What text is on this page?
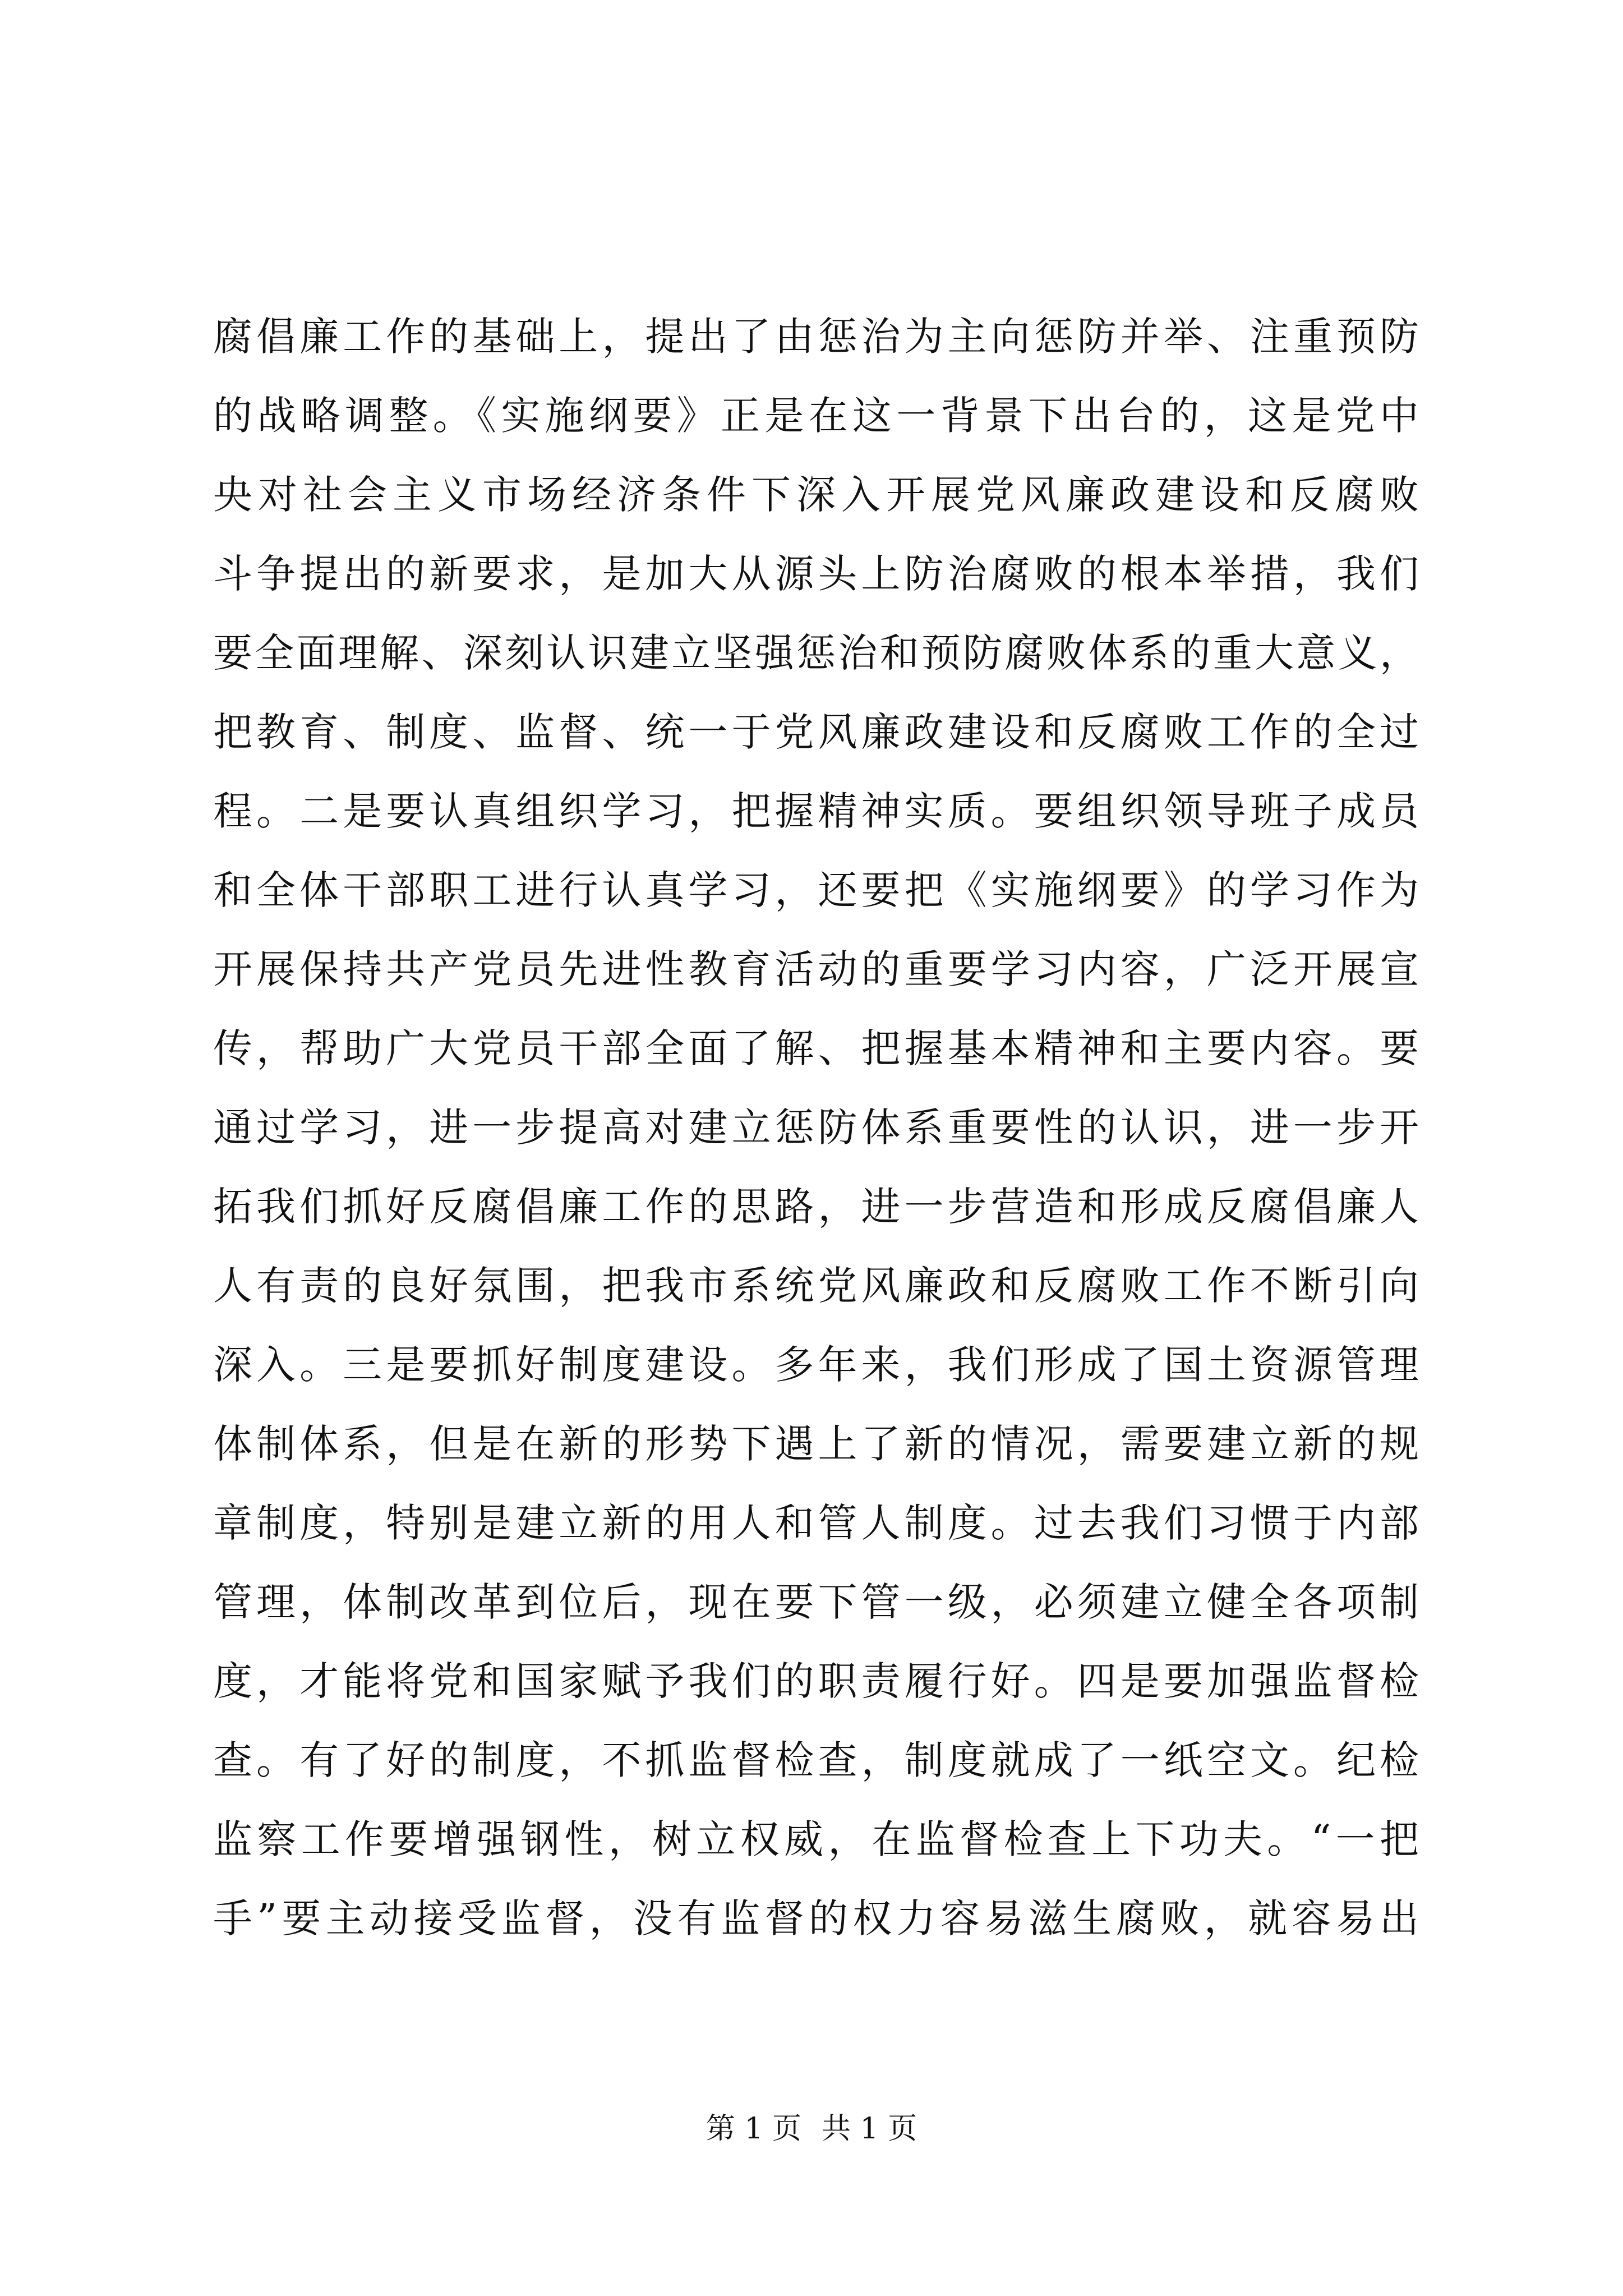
腐倡廉工作的基础上，提出了由惩治为主向惩防并举、注重预防
的战略调整。《实施纲要》正是在这一背景下出台的，这是党中
央对社会主义市场经济条件下深入开展党风廉政建设和反腐败
斗争提出的新要求，是加大从源头上防治腐败的根本举措，我们
要全面理解、深刻认识建立坚强惩治和预防腐败体系的重大意义，
把教育、制度、监督、统一于党风廉政建设和反腐败工作的全过
程。二是要认真组织学习，把握精神实质。要组织领导班子成员
和全体干部职工进行认真学习，还要把《实施纲要》的学习作为
开展保持共产党员先进性教育活动的重要学习内容，广泛开展宣
传，帮助广大党员干部全面了解、把握基本精神和主要内容。要
通过学习，进一步提高对建立惩防体系重要性的认识，进一步开
拓我们抓好反腐倡廉工作的思路，进一步营造和形成反腐倡廉人
人有责的良好氛围，把我市系统党风廉政和反腐败工作不断引向
深入。三是要抓好制度建设。多年来，我们形成了国土资源管理
体制体系，但是在新的形势下遇上了新的情况，需要建立新的规
章制度，特别是建立新的用人和管人制度。过去我们习惯于内部
管理，体制改革到位后，现在要下管一级，必须建立健全各项制
度，才能将党和国家赋予我们的职责履行好。四是要加强监督检
查。有了好的制度，不抓监督检查，制度就成了一纸空文。纪检
监察工作要增强钢性，树立权威，在监督检查上下功夫。“一把
手”要主动接受监督，没有监督的权力容易滋生腐败，就容易出
第 1 页 共 1 页
